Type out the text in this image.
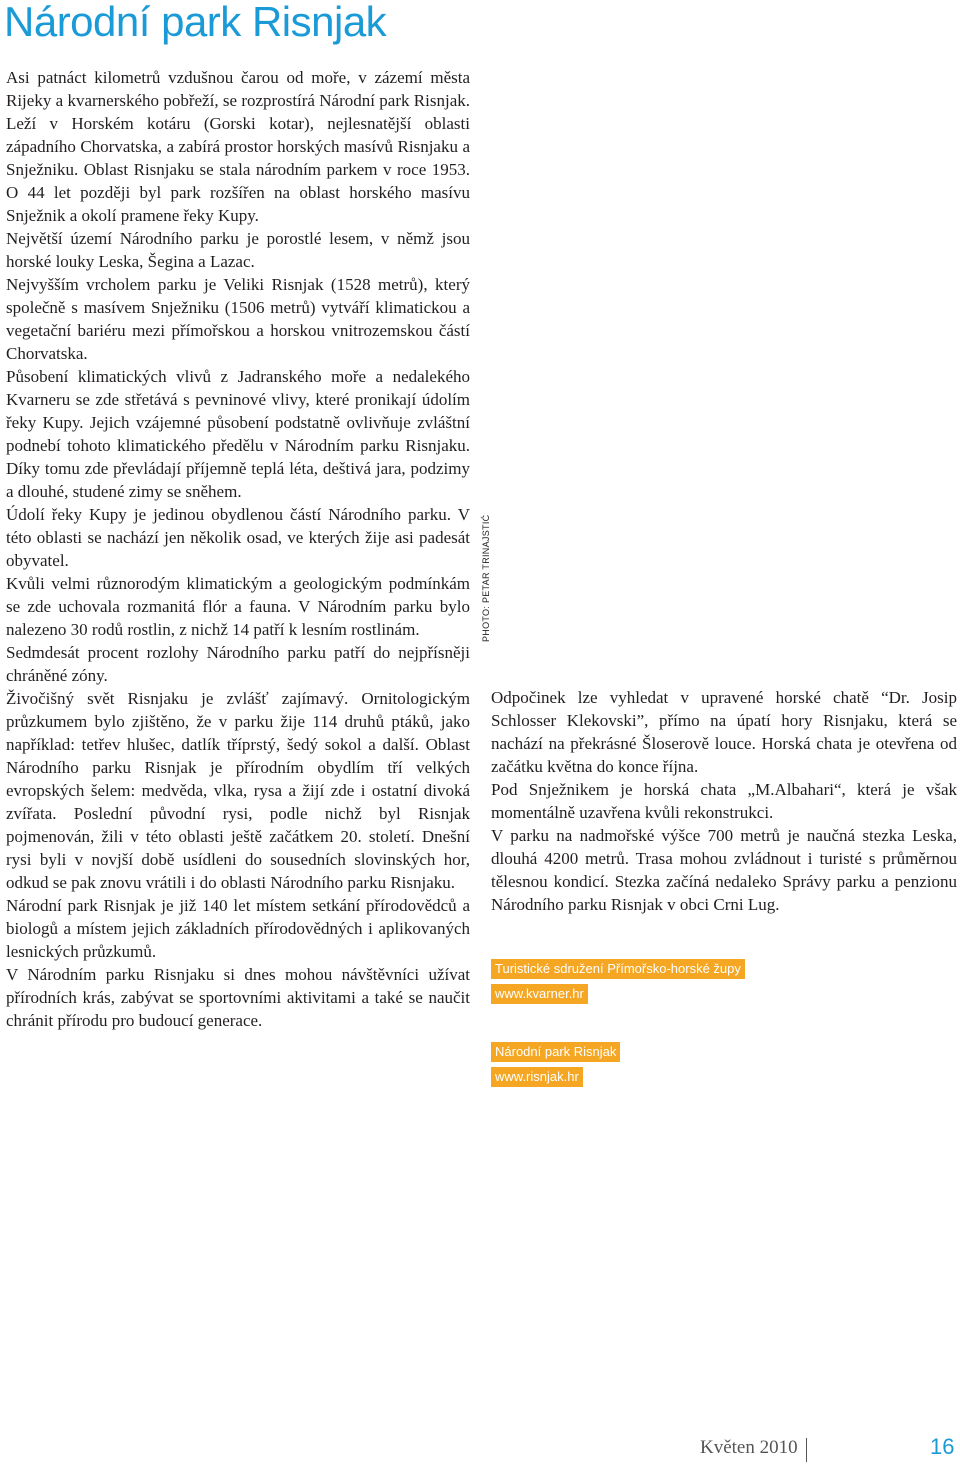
Národní park Risnjak

Asi patnáct kilometrů vzdušnou čarou od moře, v zázemí města Rijeky a kvarnerského pobřeží, se rozprostírá Národní park Risnjak. Leží v Horském kotáru (Gorski kotar), nejlesnatější oblasti západního Chorvatska, a zabírá prostor horských masívů Risnjaku a Snježniku. Oblast Risnjaku se stala národním parkem v roce 1953. O 44 let později byl park rozšířen na oblast horského masívu Snježnik a okolí pramene řeky Kupy.

Největší území Národního parku je porostlé lesem, v němž jsou horské louky Leska, Šegina a Lazac.

Nejvyšším vrcholem parku je Veliki Risnjak (1528 metrů), který společně s masívem Snježniku (1506 metrů) vytváří klimatickou a vegetační bariéru mezi přímořskou a horskou vnitrozemskou částí Chorvatska.

Působení klimatických vlivů z Jadranského moře a nedalekého Kvarneru se zde střetává s pevninové vlivy, které pronikají údolím řeky Kupy. Jejich vzájemné působení podstatně ovlivňuje zvláštní podnebí tohoto klimatického předělu v Národním parku Risnjaku. Díky tomu zde převládají příjemně teplá léta, deštivá jara, podzimy a dlouhé, studené zimy se sněhem.

Údolí řeky Kupy je jedinou obydlenou částí Národního parku. V této oblasti se nachází jen několik osad, ve kterých žije asi padesát obyvatel.

Kvůli velmi různorodým klimatickým a geologickým podmínkám se zde uchovala rozmanitá flór a fauna. V Národním parku bylo nalezeno 30 rodů rostlin, z nichž 14 patří k lesním rostlinám.

Sedmdesát procent rozlohy Národního parku patří do nejpřísněji chráněné zóny.

Živočišný svět Risnjaku je zvlášť zajímavý. Ornitologickým průzkumem bylo zjištěno, že v parku žije 114 druhů ptáků, jako například: tetřev hlušec, datlík tříprstý, šedý sokol a další. Oblast Národního parku Risnjak je přírodním obydlím tří velkých evropských šelem: medvěda, vlka, rysa a žijí zde i ostatní divoká zvířata. Poslední původní rysi, podle nichž byl Risnjak pojmenován, žili v této oblasti ještě začátkem 20. století. Dnešní rysi byli v novjší době usídleni do sousedních slovinských hor, odkud se pak znovu vrátili i do oblasti Národního parku Risnjaku.

Národní park Risnjak je již 140 let místem setkání přírodovědců a biologů a místem jejich základních přírodovědných i aplikovaných lesnických průzkumů.

V Národním parku Risnjaku si dnes mohou návštěvníci užívat přírodních krás, zabývat se sportovními aktivitami a také se naučit chránit přírodu pro budoucí generace.

PHOTO: PETAR TRINAJSTIĆ

Odpočinek lze vyhledat v upravené horské chatě “Dr. Josip Schlosser Klekovski”, přímo na úpatí hory Risnjaku, která se nachází na překrásné Šloserově louce. Horská chata je otevřena od začátku května do konce října.

Pod Snježnikem je horská chata „M.Albahari“, která je však momentálně uzavřena kvůli rekonstrukci.

V parku na nadmořské výšce 700 metrů je naučná stezka Leska, dlouhá 4200 metrů. Trasa mohou zvládnout i turisté s průměrnou tělesnou kondicí. Stezka začíná nedaleko Správy parku a penzionu Národního parku Risnjak v obci Crni Lug.

Turistické sdružení Přímořsko-horské župy
www.kvarner.hr
Národní park Risnjak
www.risnjak.hr
Květen 2010	16
